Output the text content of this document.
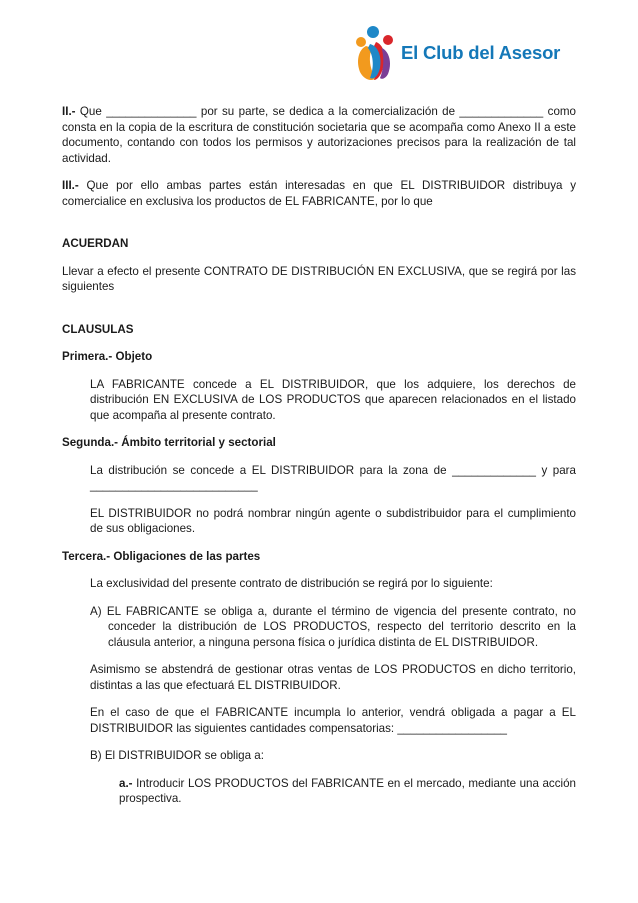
El Club del Asesor

II.- Que ______________ por su parte, se dedica a la comercialización de _____________ como consta en la copia de la escritura de constitución societaria que se acompaña como Anexo II a este documento, contando con todos los permisos y autorizaciones precisos para la realización de tal actividad.

III.- Que por ello ambas partes están interesadas en que EL DISTRIBUIDOR distribuya y comercialice en exclusiva los productos de EL FABRICANTE, por lo que

ACUERDAN

Llevar a efecto el presente CONTRATO DE DISTRIBUCIÓN EN EXCLUSIVA, que se regirá por las siguientes

CLAUSULAS

Primera.- Objeto

LA FABRICANTE concede a EL DISTRIBUIDOR, que los adquiere, los derechos de distribución EN EXCLUSIVA de LOS PRODUCTOS que aparecen relacionados en el listado que acompaña al presente contrato.

Segunda.- Ámbito territorial y sectorial

La distribución se concede a EL DISTRIBUIDOR para la zona de _____________ y para __________________________

EL DISTRIBUIDOR no podrá nombrar ningún agente o subdistribuidor para el cumplimiento de sus obligaciones.

Tercera.- Obligaciones de las partes

La exclusividad del presente contrato de distribución se regirá por lo siguiente:

A) EL FABRICANTE se obliga a, durante el término de vigencia del presente contrato, no conceder la distribución de LOS PRODUCTOS, respecto del territorio descrito en la cláusula anterior, a ninguna persona física o jurídica distinta de EL DISTRIBUIDOR.

Asimismo se abstendrá de gestionar otras ventas de LOS PRODUCTOS en dicho territorio, distintas a las que efectuará EL DISTRIBUIDOR.

En el caso de que el FABRICANTE incumpla lo anterior, vendrá obligada a pagar a EL DISTRIBUIDOR las siguientes cantidades compensatorias: _________________

B) El DISTRIBUIDOR se obliga a:

a.- Introducir LOS PRODUCTOS del FABRICANTE en el mercado, mediante una acción prospectiva.
